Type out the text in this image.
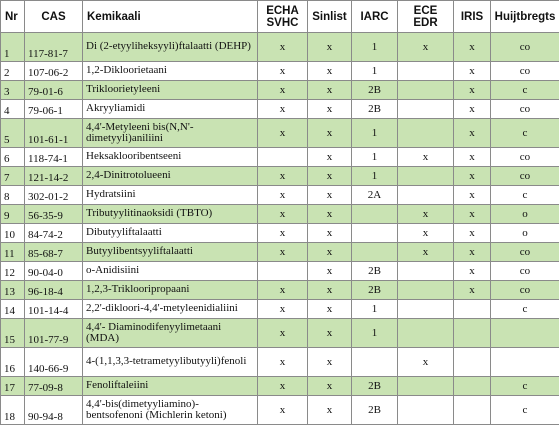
Nr	CAS	Kemikaali	ECHA SVHC	Sinlist	IARC	ECE EDR	IRIS	Huijtbregts
1	117-81-7	Di (2-etyyliheksyyli)ftalaatti (DEHP)	x	x	1	x	x	co
2	107-06-2	1,2-Dikloorietaani	x	x	1		x	co
3	79-01-6	Trikloorietyleeni	x	x	2B		x	c
4	79-06-1	Akryyliamidi	x	x	2B		x	co
5	101-61-1	4,4'-Metyleeni bis(N,N'-dimetyyli)aniliini	x	x	1		x	c
6	118-74-1	Heksaklooribentseeni		x	1	x	x	co
7	121-14-2	2,4-Dinitrotolueeni	x	x	1		x	co
8	302-01-2	Hydratsiini	x	x	2A		x	c
9	56-35-9	Tributyylitinaoksidi (TBTO)	x	x		x	x	o
10	84-74-2	Dibutyyliftalaatti	x	x		x	x	o
11	85-68-7	Butyylibentsyyliftalaatti	x	x		x	x	co
12	90-04-0	o-Anidisiini		x	2B		x	co
13	96-18-4	1,2,3-Trikloori​propaani	x	x	2B		x	co
14	101-14-4	2,2'-dikloori-4,4'-metyleenidialiini	x	x	1			c
15	101-77-9	4,4'- Diaminodifenyylimetaani (MDA)	x	x	1			
16	140-66-9	4-(1,1,3,3-tetrametyylibutyyli)fenoli	x	x		x		
17	77-09-8	Fenoliftaleiini	x	x	2B			c
18	90-94-8	4,4'-bis(dimetyyliamino)-bentsofenoni (Michlerin ketoni)	x	x	2B			c
